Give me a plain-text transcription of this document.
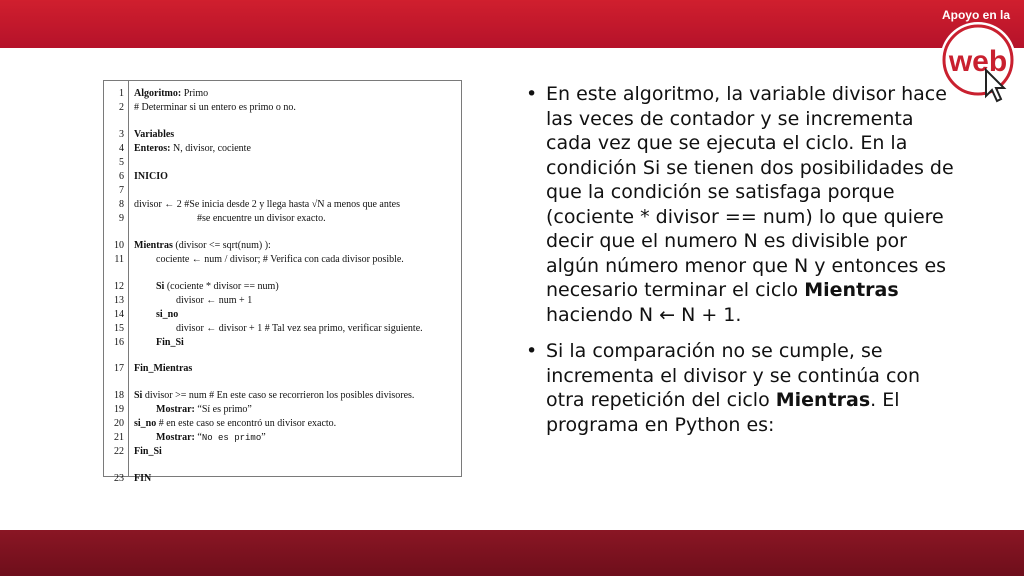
Apoyo en la
web
1 Algoritmo: Primo
2 # Determinar si un entero es primo o no.
3 Variables
4 Enteros: N, divisor, cociente
5
6 INICIO
7
8 divisor ← 2 #Se inicia desde 2 y llega hasta √N a menos que antes
9	#se encuentre un divisor exacto.
10 Mientras (divisor <= sqrt(num) ):
11	cociente ← num / divisor; # Verifica con cada divisor posible.
12	Si (cociente * divisor == num)
13	divisor ← num + 1
14	si_no
15	divisor ← divisor + 1 # Tal vez sea primo, verificar siguiente.
16	Fin_Si
17 Fin_Mientras
18 Si divisor >= num # En este caso se recorrieron los posibles divisores.
19	Mostrar: “Sí es primo”
20 si_no # en este caso se encontró un divisor exacto.
21	Mostrar: “No es primo”
22 Fin_Si
23 FIN
• En este algoritmo, la variable divisor hace las veces de contador y se incrementa cada vez que se ejecuta el ciclo. En la condición Si se tienen dos posibilidades de que la condición se satisfaga porque (cociente * divisor == num) lo que quiere decir que el numero N es divisible por algún número menor que N y entonces es necesario terminar el ciclo Mientras haciendo N ← N + 1.
• Si la comparación no se cumple, se incrementa el divisor y se continúa con otra repetición del ciclo Mientras. El programa en Python es:
